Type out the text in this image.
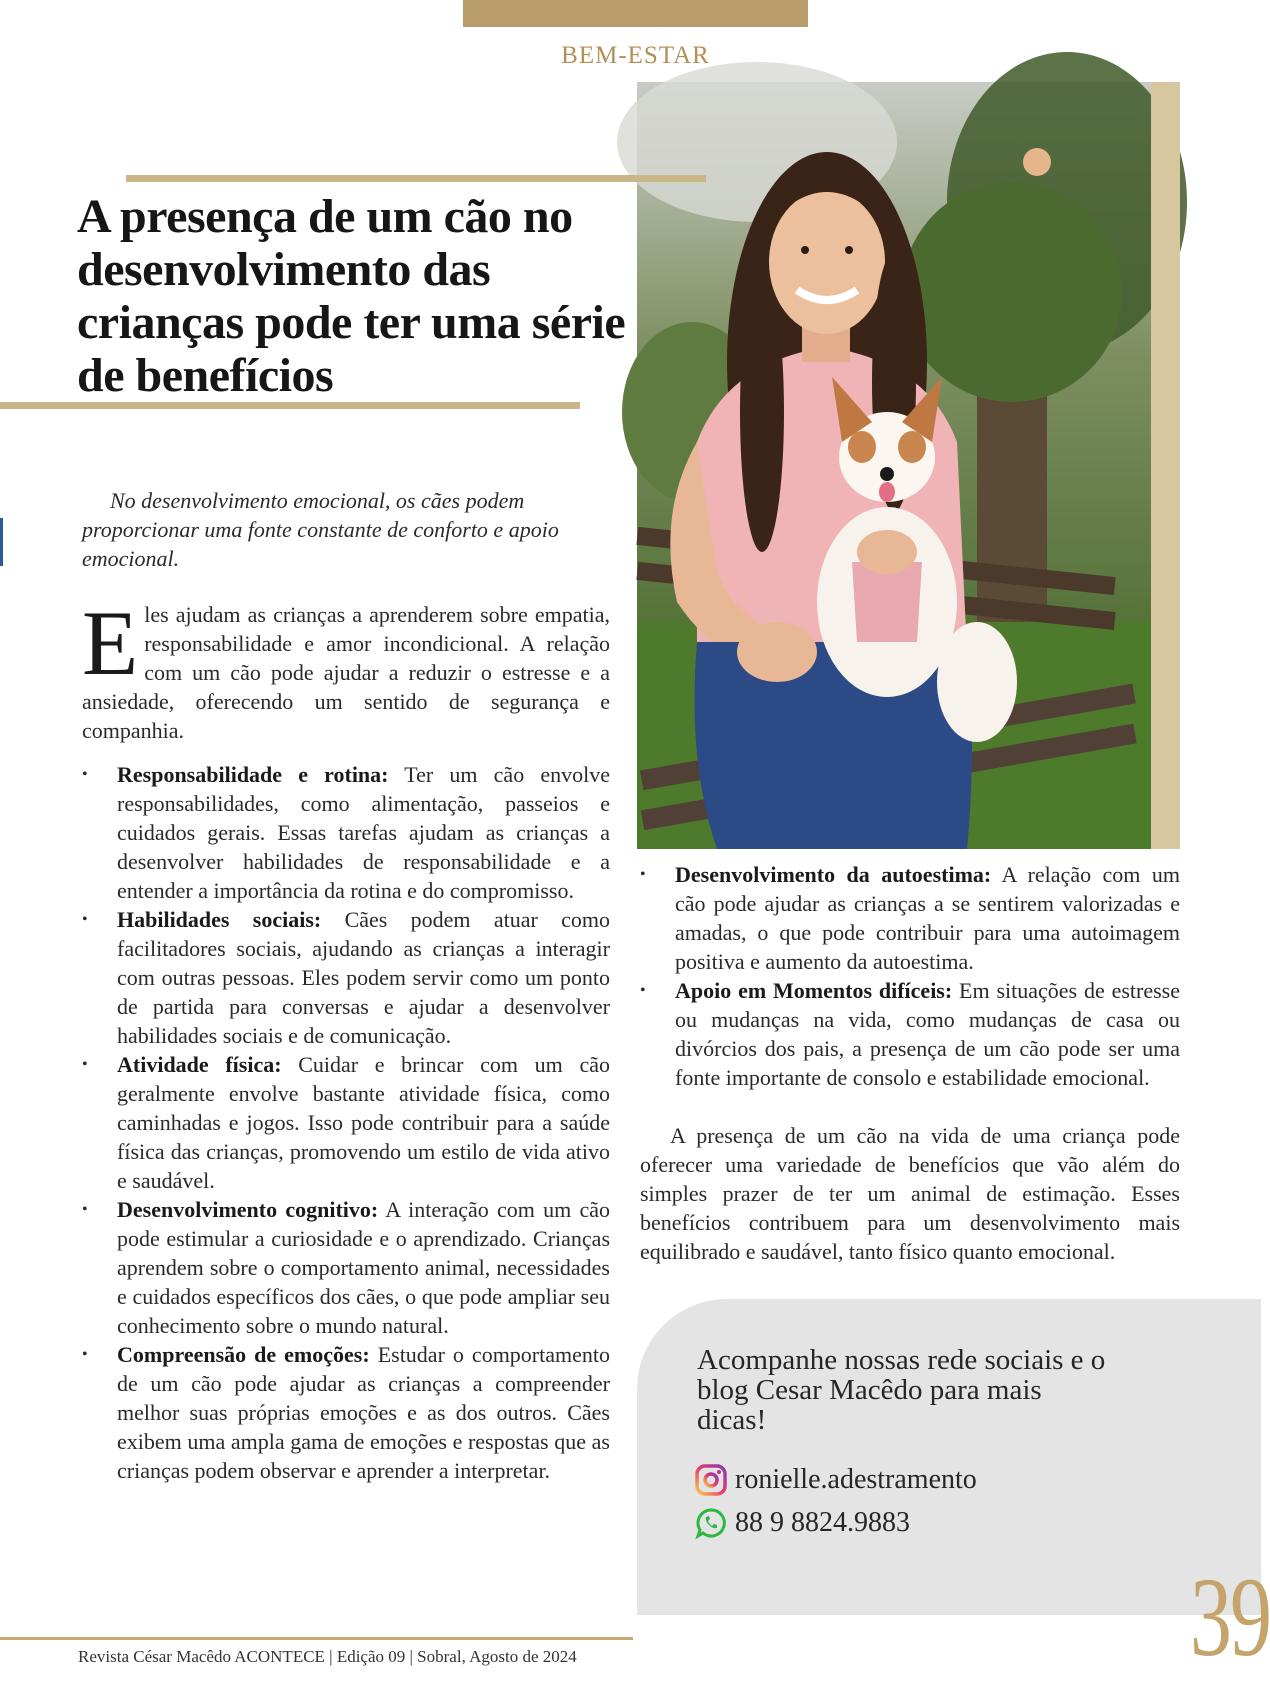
BEM-ESTAR
A presença de um cão no desenvolvimento das crianças pode ter uma série de benefícios

No desenvolvimento emocional, os cães podem proporcionar uma fonte constante de conforto e apoio emocional.

Eles ajudam as crianças a aprenderem sobre empatia, responsabilidade e amor incondicional. A relação com um cão pode ajudar a reduzir o estresse e a ansiedade, oferecendo um sentido de segurança e companhia.

• Responsabilidade e rotina: Ter um cão envolve responsabilidades, como alimentação, passeios e cuidados gerais. Essas tarefas ajudam as crianças a desenvolver habilidades de responsabilidade e a entender a importância da rotina e do compromisso.
• Habilidades sociais: Cães podem atuar como facilitadores sociais, ajudando as crianças a interagir com outras pessoas. Eles podem servir como um ponto de partida para conversas e ajudar a desenvolver habilidades sociais e de comunicação.
• Atividade física: Cuidar e brincar com um cão geralmente envolve bastante atividade física, como caminhadas e jogos. Isso pode contribuir para a saúde física das crianças, promovendo um estilo de vida ativo e saudável.
• Desenvolvimento cognitivo: A interação com um cão pode estimular a curiosidade e o aprendizado. Crianças aprendem sobre o comportamento animal, necessidades e cuidados específicos dos cães, o que pode ampliar seu conhecimento sobre o mundo natural.
• Compreensão de emoções: Estudar o comportamento de um cão pode ajudar as crianças a compreender melhor suas próprias emoções e as dos outros. Cães exibem uma ampla gama de emoções e respostas que as crianças podem observar e aprender a interpretar.
• Desenvolvimento da autoestima: A relação com um cão pode ajudar as crianças a se sentirem valorizadas e amadas, o que pode contribuir para uma autoimagem positiva e aumento da autoestima.
• Apoio em Momentos difíceis: Em situações de estresse ou mudanças na vida, como mudanças de casa ou divórcios dos pais, a presença de um cão pode ser uma fonte importante de consolo e estabilidade emocional.

A presença de um cão na vida de uma criança pode oferecer uma variedade de benefícios que vão além do simples prazer de ter um animal de estimação. Esses benefícios contribuem para um desenvolvimento mais equilibrado e saudável, tanto físico quanto emocional.

Acompanhe nossas rede sociais e o blog Cesar Macêdo para mais dicas!

ronielle.adestramento
88 9 8824.9883
39
Revista César Macêdo ACONTECE | Edição 09 | Sobral, Agosto de 2024
